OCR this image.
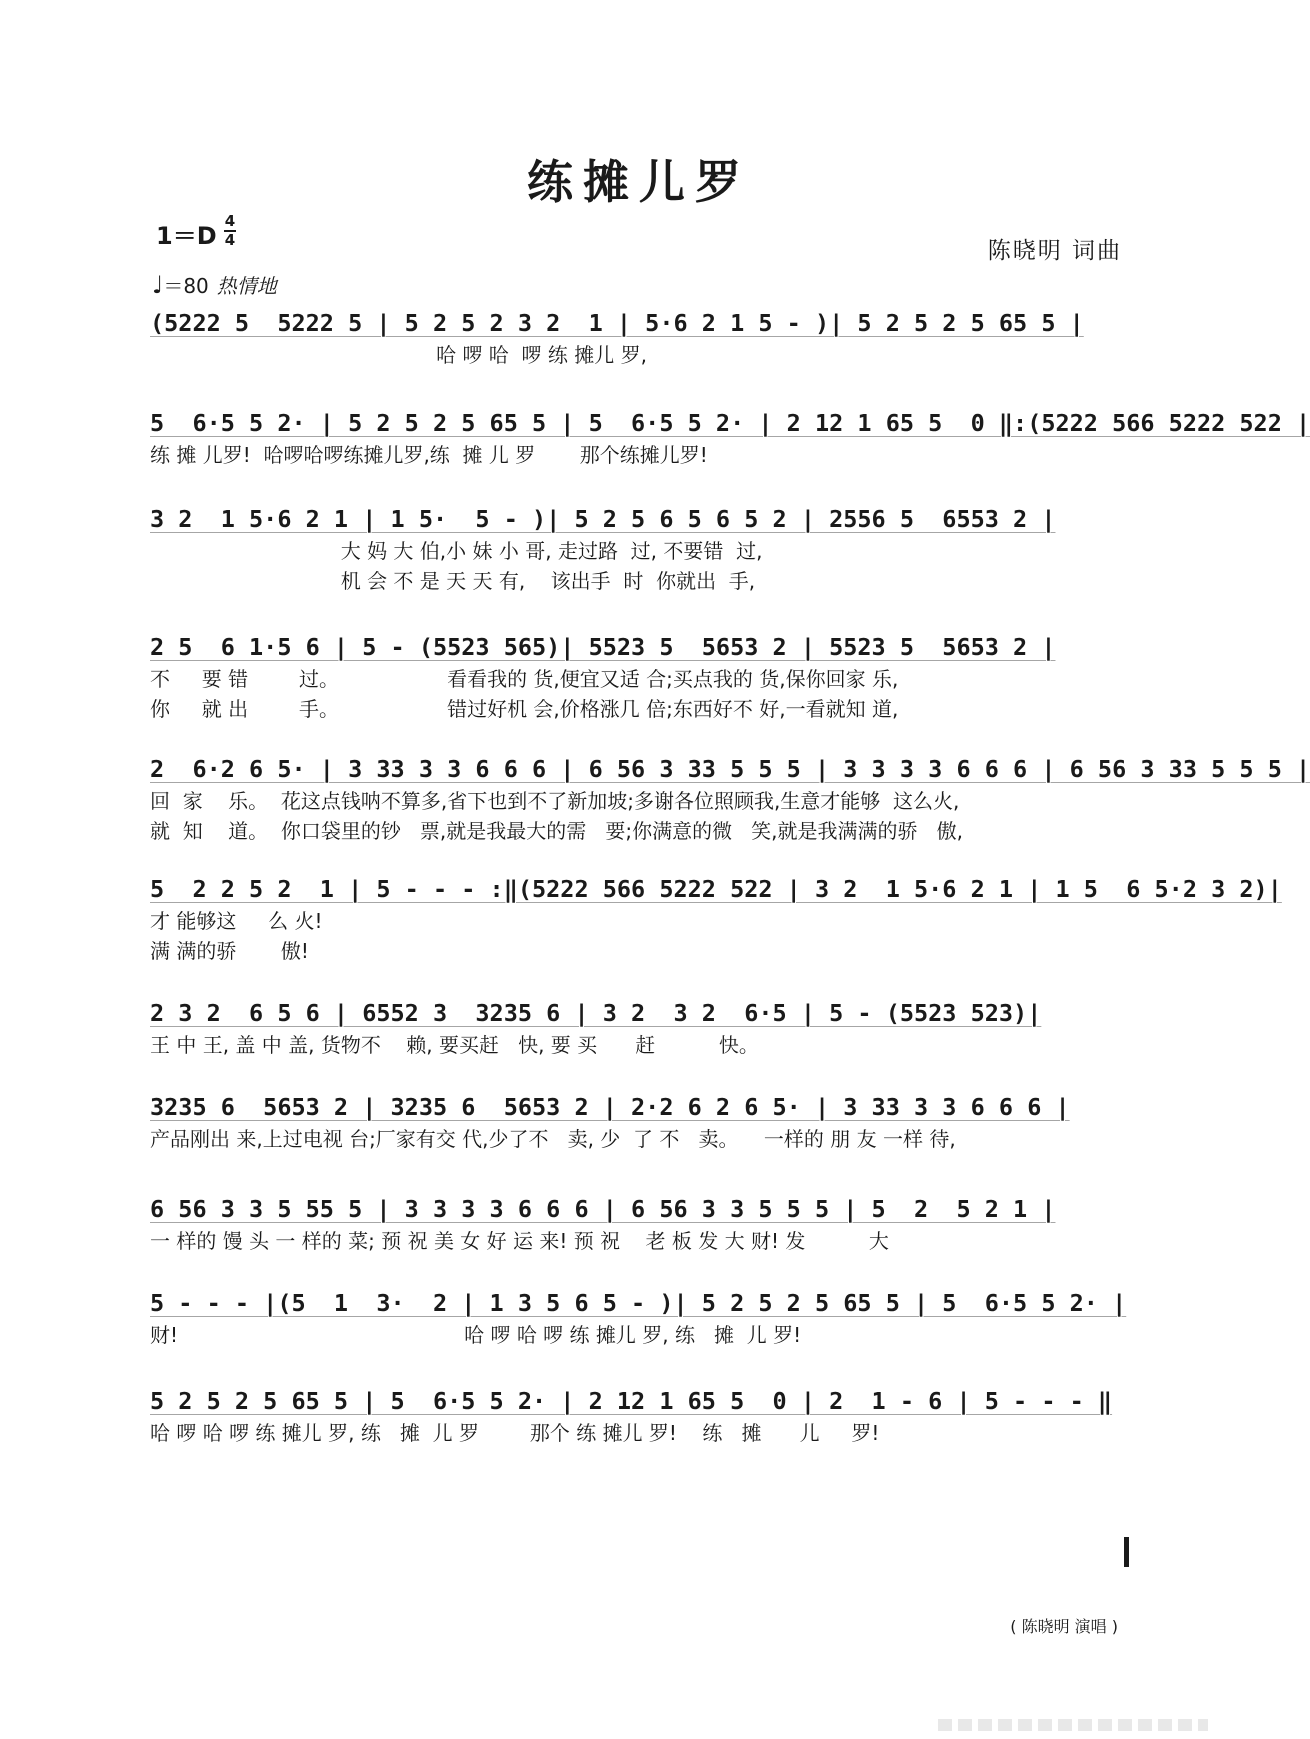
练摊儿罗
1＝D
4
4
♩＝80 热情地
陈晓明 词曲
(5222 5  5222 5 | 5 2 5 2 3 2  1 | 5·6 2 1 5 - )| 5 2 5 2 5 65 5 |
哈 啰 哈  啰 练 摊儿 罗,
5  6·5 5 2· | 5 2 5 2 5 65 5 | 5  6·5 5 2· | 2 12 1 65 5  0 ‖:(5222 566 5222 522 |
练 摊 儿罗!  哈啰哈啰练摊儿罗,练  摊 儿 罗       那个练摊儿罗!
3 2  1 5·6 2 1 | 1 5·  5 - )| 5 2 5 6 5 6 5 2 | 2556 5  6553 2 |
大 妈 大 伯,小 妹 小 哥, 走过路  过, 不要错  过,
机 会 不 是 天 天 有,    该出手  时  你就出  手,
2 5  6 1·5 6 | 5 - (5523 565)| 5523 5  5653 2 | 5523 5  5653 2 |
不     要 错        过。                 看看我的 货,便宜又适 合;买点我的 货,保你回家 乐,
你     就 出        手。                 错过好机 会,价格涨几 倍;东西好不 好,一看就知 道,
2  6·2 6 5· | 3 33 3 3 6 6 6 | 6 56 3 33 5 5 5 | 3 3 3 3 6 6 6 | 6 56 3 33 5 5 5 |
回  家    乐。  花这点钱呐不算多,省下也到不了新加坡;多谢各位照顾我,生意才能够  这么火,
就  知    道。  你口袋里的钞   票,就是我最大的需   要;你满意的微   笑,就是我满满的骄   傲,
5  2 2 5 2  1 | 5 - - - :‖(5222 566 5222 522 | 3 2  1 5·6 2 1 | 1 5  6 5·2 3 2)|
才 能够这     么 火!
满 满的骄       傲!
2 3 2  6 5 6 | 6552 3  3235 6 | 3 2  3 2  6·5 | 5 - (5523 523)|
王 中 王, 盖 中 盖, 货物不    赖, 要买赶   快, 要 买      赶          快。
3235 6  5653 2 | 3235 6  5653 2 | 2·2 6 2 6 5· | 3 33 3 3 6 6 6 |
产品刚出 来,上过电视 台;厂家有交 代,少了不   卖, 少  了 不   卖。    一样的 朋 友 一样 待,
6 56 3 3 5 55 5 | 3 3 3 3 6 6 6 | 6 56 3 3 5 5 5 | 5  2  5 2 1 |
一 样的 馒 头 一 样的 菜; 预 祝 美 女 好 运 来! 预 祝    老 板 发 大 财! 发          大
5 - - - |(5  1  3·  2 | 1 3 5 6 5 - )| 5 2 5 2 5 65 5 | 5  6·5 5 2· |
财!                                             哈 啰 哈 啰 练 摊儿 罗, 练   摊  儿 罗!
5 2 5 2 5 65 5 | 5  6·5 5 2· | 2 12 1 65 5  0 | 2  1 - 6 | 5 - - - ‖
哈 啰 哈 啰 练 摊儿 罗, 练   摊  儿 罗        那个 练 摊儿 罗!    练   摊      儿     罗!
( 陈晓明 演唱 )
